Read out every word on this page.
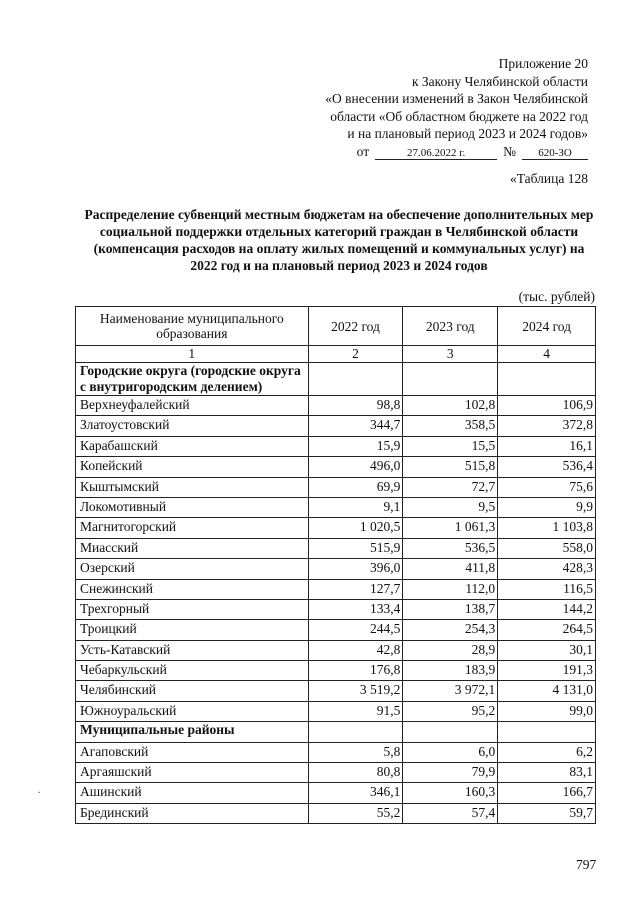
Приложение 20
к Закону Челябинской области
«О внесении изменений в Закон Челябинской
области «Об областном бюджете на 2022 год
и на плановый период 2023 и 2024 годов»
от	27.06.2022 г.	№	620-ЗО
«Таблица 128
Распределение субвенций местным бюджетам на обеспечение дополнительных мер социальной поддержки отдельных категорий граждан в Челябинской области (компенсация расходов на оплату жилых помещений и коммунальных услуг) на 2022 год и на плановый период 2023 и 2024 годов
(тыс. рублей)
Наименование муниципального образования	2022 год	2023 год	2024 год
1	2	3	4
Городские округа (городские округа с внутригородским делением)			
Верхнеуфалейский	98,8	102,8	106,9
Златоустовский	344,7	358,5	372,8
Карабашский	15,9	15,5	16,1
Копейский	496,0	515,8	536,4
Кыштымский	69,9	72,7	75,6
Локомотивный	9,1	9,5	9,9
Магнитогорский	1 020,5	1 061,3	1 103,8
Миасский	515,9	536,5	558,0
Озерский	396,0	411,8	428,3
Снежинский	127,7	112,0	116,5
Трехгорный	133,4	138,7	144,2
Троицкий	244,5	254,3	264,5
Усть-Катавский	42,8	28,9	30,1
Чебаркульский	176,8	183,9	191,3
Челябинский	3 519,2	3 972,1	4 131,0
Южноуральский	91,5	95,2	99,0
Муниципальные районы			
Агаповский	5,8	6,0	6,2
Аргаяшский	80,8	79,9	83,1
Ашинский	346,1	160,3	166,7
Брединский	55,2	57,4	59,7
·
797
